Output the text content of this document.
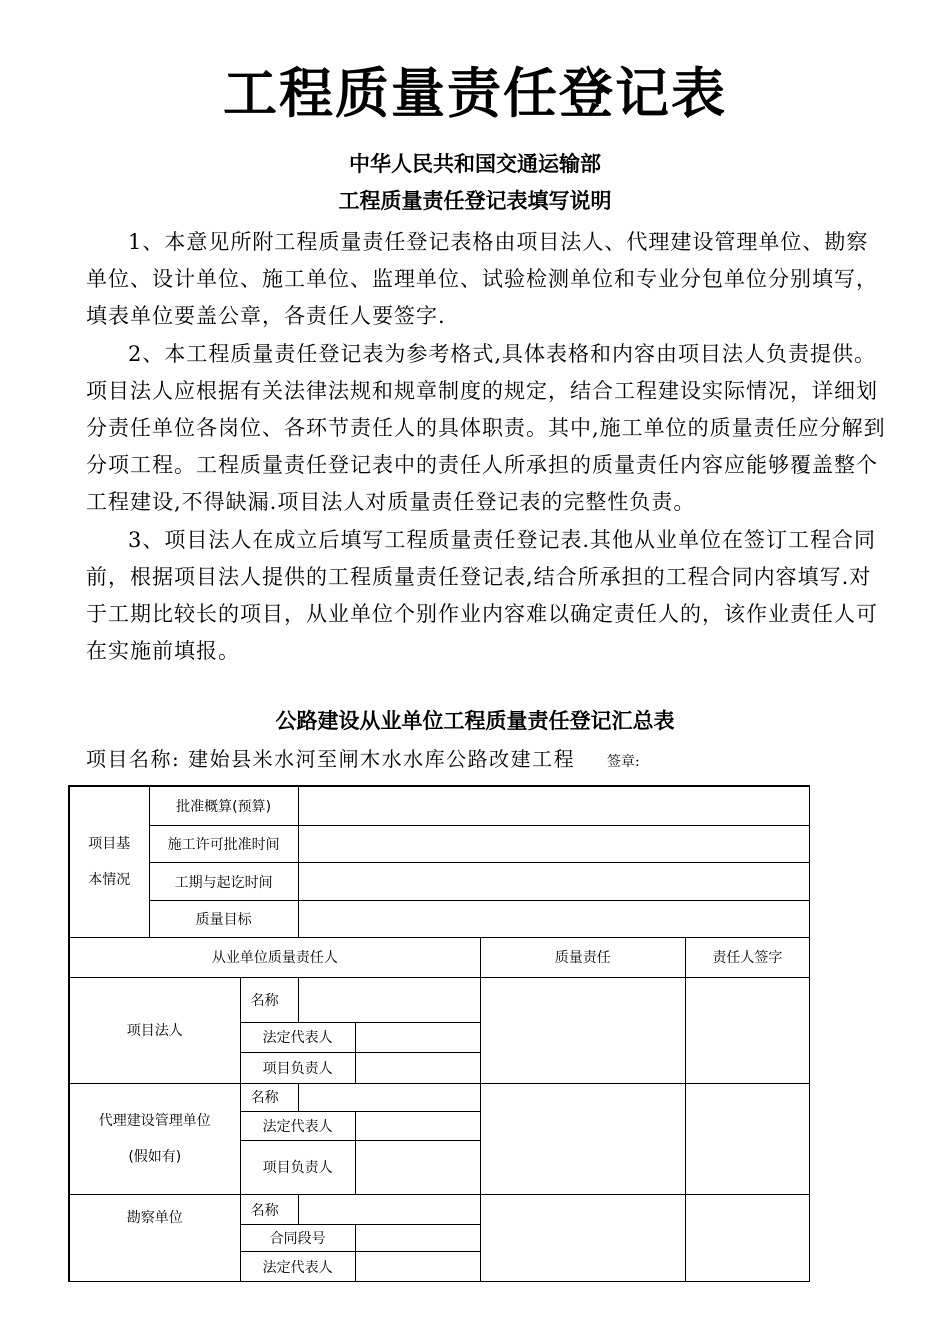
工程质量责任登记表
中华人民共和国交通运输部
工程质量责任登记表填写说明

1、本意见所附工程质量责任登记表格由项目法人、代理建设管理单位、勘察单位、设计单位、施工单位、监理单位、试验检测单位和专业分包单位分别填写，填表单位要盖公章，各责任人要签字.

2、本工程质量责任登记表为参考格式,具体表格和内容由项目法人负责提供。项目法人应根据有关法律法规和规章制度的规定，结合工程建设实际情况，详细划分责任单位各岗位、各环节责任人的具体职责。其中,施工单位的质量责任应分解到分项工程。工程质量责任登记表中的责任人所承担的质量责任内容应能够覆盖整个工程建设,不得缺漏.项目法人对质量责任登记表的完整性负责。

3、项目法人在成立后填写工程质量责任登记表.其他从业单位在签订工程合同前，根据项目法人提供的工程质量责任登记表,结合所承担的工程合同内容填写.对于工期比较长的项目，从业单位个别作业内容难以确定责任人的，该作业责任人可在实施前填报。

公路建设从业单位工程质量责任登记汇总表
项目名称: 建始县米水河至闸木水水库公路改建工程 签章:
项目基
本情况	批准概算(预算)					
	施工许可批准时间					
	工期与起讫时间					
	质量目标					
从业单位质量责任人					质量责任	责任人签字
项目法人		名称				
		法定代表人				
		项目负责人				
代理建设管理单位
(假如有)		名称				
		法定代表人				
		项目负责人				
勘察单位		名称				
		合同段号				
		法定代表人				
